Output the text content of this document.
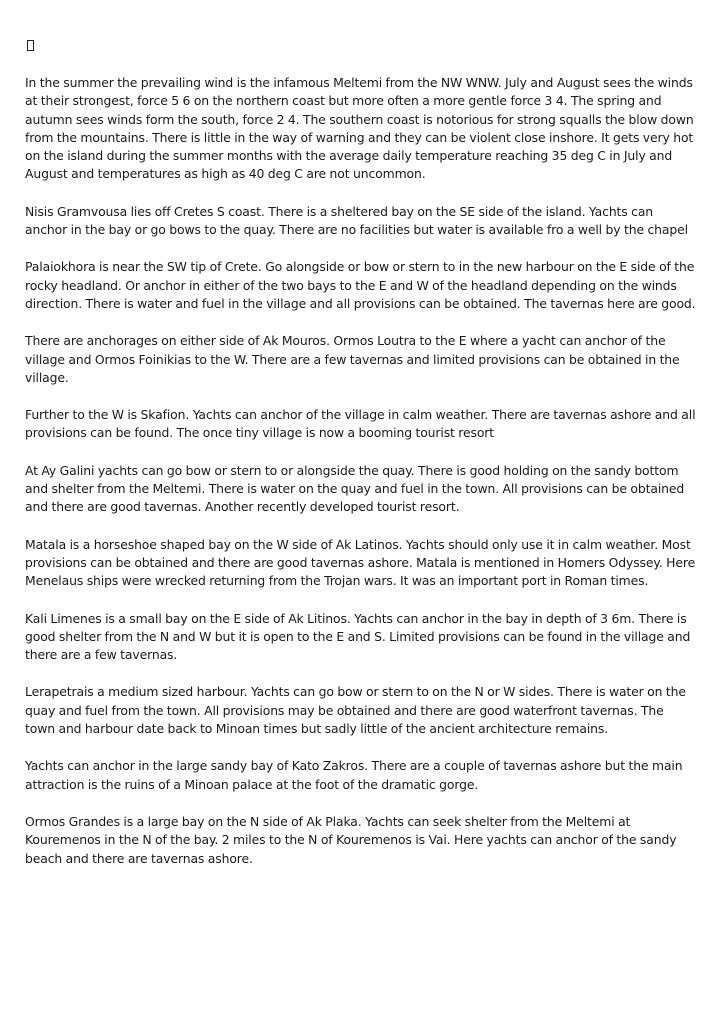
In the summer the prevailing wind is the infamous Meltemi from the NW WNW. July and August sees the winds at their strongest, force 5 6 on the northern coast but more often a more gentle force 3 4. The spring and autumn sees winds form the south, force 2 4. The southern coast is notorious for strong squalls the blow down from the mountains. There is little in the way of warning and they can be violent close inshore. It gets very hot on the island during the summer months with the average daily temperature reaching 35 deg C in July and August and temperatures as high as 40 deg C are not uncommon.

Nisis Gramvousa lies off Cretes S coast. There is a sheltered bay on the SE side of the island. Yachts can anchor in the bay or go bows to the quay. There are no facilities but water is available fro a well by the chapel

Palaiokhora is near the SW tip of Crete. Go alongside or bow or stern to in the new harbour on the E side of the rocky headland. Or anchor in either of the two bays to the E and W of the headland depending on the winds direction. There is water and fuel in the village and all provisions can be obtained. The tavernas here are good.

There are anchorages on either side of Ak Mouros. Ormos Loutra to the E where a yacht can anchor of the village and Ormos Foinikias to the W. There are a few tavernas and limited provisions can be obtained in the village.

Further to the W is Skafion. Yachts can anchor of the village in calm weather. There are tavernas ashore and all provisions can be found. The once tiny village is now a booming tourist resort

At Ay Galini yachts can go bow or stern to or alongside the quay. There is good holding on the sandy bottom and shelter from the Meltemi. There is water on the quay and fuel in the town. All provisions can be obtained and there are good tavernas. Another recently developed tourist resort.

Matala is a horseshoe shaped bay on the W side of Ak Latinos. Yachts should only use it in calm weather. Most provisions can be obtained and there are good tavernas ashore. Matala is mentioned in Homers Odyssey. Here Menelaus ships were wrecked returning from the Trojan wars. It was an important port in Roman times.

Kali Limenes is a small bay on the E side of Ak Litinos. Yachts can anchor in the bay in depth of 3 6m. There is good shelter from the N and W but it is open to the E and S. Limited provisions can be found in the village and there are a few tavernas.

Lerapetrais a medium sized harbour. Yachts can go bow or stern to on the N or W sides. There is water on the quay and fuel from the town. All provisions may be obtained and there are good waterfront tavernas. The town and harbour date back to Minoan times but sadly little of the ancient architecture remains.

Yachts can anchor in the large sandy bay of Kato Zakros. There are a couple of tavernas ashore but the main attraction is the ruins of a Minoan palace at the foot of the dramatic gorge.

Ormos Grandes is a large bay on the N side of Ak Plaka. Yachts can seek shelter from the Meltemi at Kouremenos in the N of the bay. 2 miles to the N of Kouremenos is Vai. Here yachts can anchor of the sandy beach and there are tavernas ashore.
